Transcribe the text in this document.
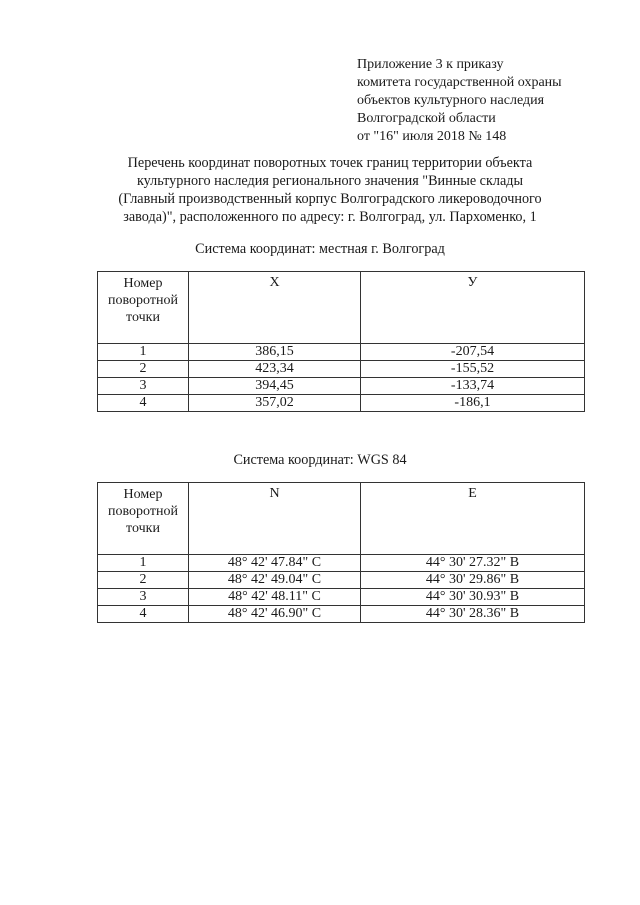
Приложение 3 к приказу
комитета государственной охраны
объектов культурного наследия
Волгоградской области
от "16" июля 2018 № 148
Перечень координат поворотных точек границ территории объекта
культурного наследия регионального значения "Винные склады
(Главный производственный корпус Волгоградского ликероводочного
завода)", расположенного по адресу: г. Волгоград, ул. Пархоменко, 1
Система координат: местная г. Волгоград
Номер
поворотной
точки	Х	У
1	386,15	-207,54
2	423,34	-155,52
3	394,45	-133,74
4	357,02	-186,1
Система координат: WGS 84
Номер
поворотной
точки	N	E
1	48° 42' 47.84" С	44° 30' 27.32" В
2	48° 42' 49.04" С	44° 30' 29.86" В
3	48° 42' 48.11" С	44° 30' 30.93" В
4	48° 42' 46.90" С	44° 30' 28.36" В
